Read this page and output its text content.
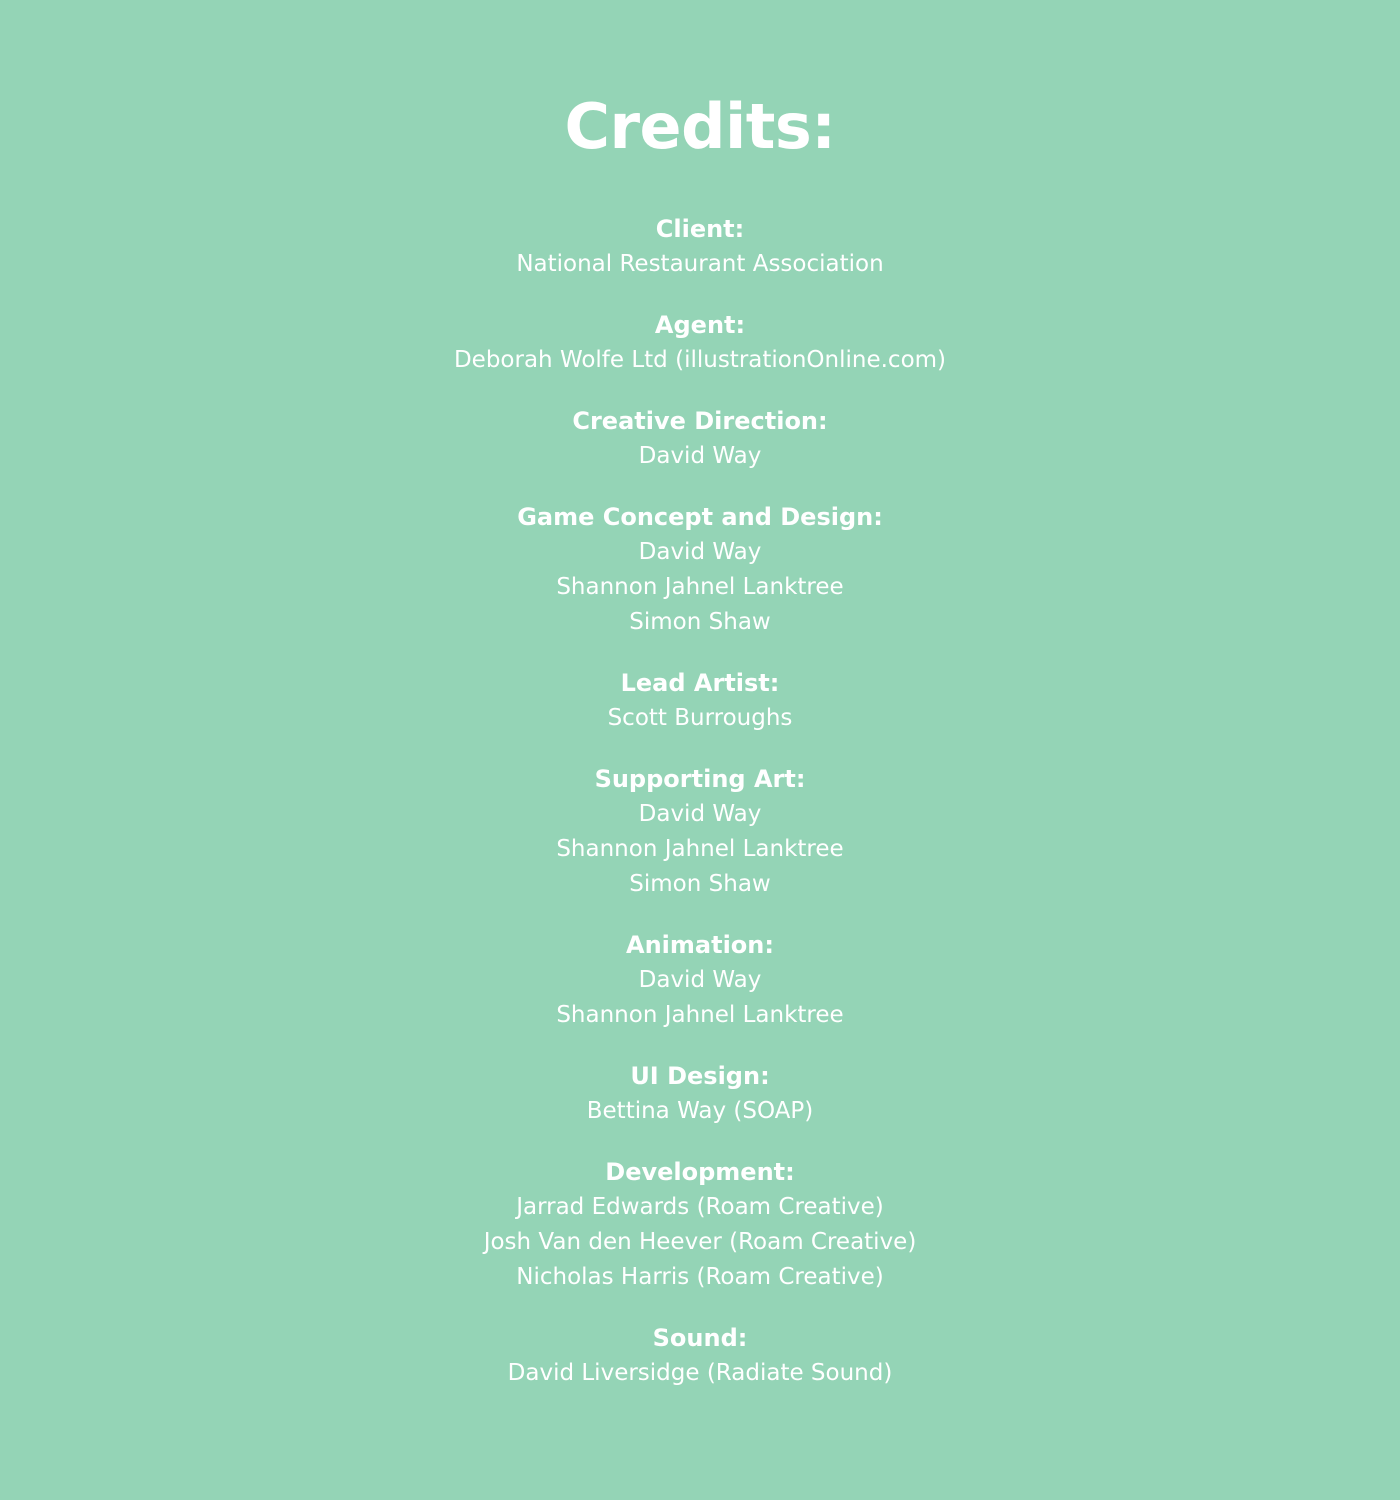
Credits:
Client:
National Restaurant Association
Agent:
Deborah Wolfe Ltd (illustrationOnline.com)
Creative Direction:
David Way
Game Concept and Design:
David Way
Shannon Jahnel Lanktree
Simon Shaw
Lead Artist:
Scott Burroughs
Supporting Art:
David Way
Shannon Jahnel Lanktree
Simon Shaw
Animation:
David Way
Shannon Jahnel Lanktree
UI Design:
Bettina Way (SOAP)
Development:
Jarrad Edwards (Roam Creative)
Josh Van den Heever (Roam Creative)
Nicholas Harris (Roam Creative)
Sound:
David Liversidge (Radiate Sound)
